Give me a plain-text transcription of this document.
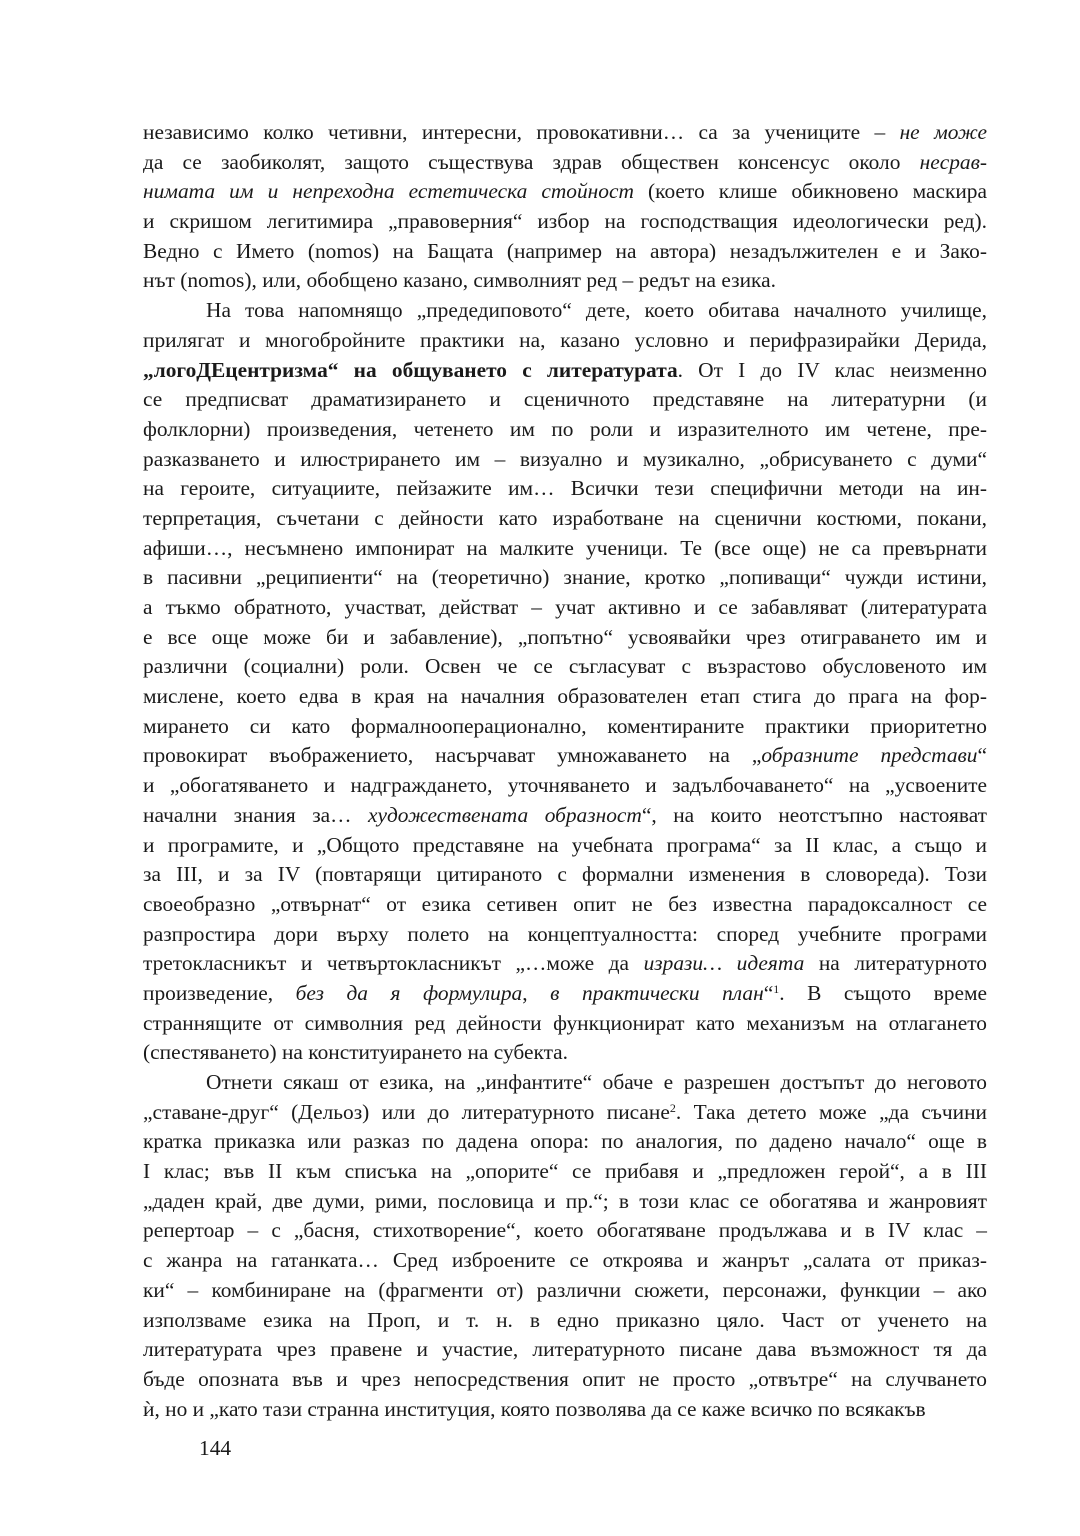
независимо колко четивни, интересни, провокативни… са за учениците – не може
да се заобиколят, защото съществува здрав обществен консенсус около неcрав-
нимата им и непреходна естетическа стойност (което клише обикновено маскира
и скришом легитимира „правоверния“ избор на господстващия идеологически ред).
Ведно с Името (nomos) на Бащата (например на автора) незадължителен е и Зако-
нът (nomos), или, обобщено казано, символният ред – редът на езика.
На това напомнящо „предедиповото“ дете, което обитава началното училище,
прилягат и многобройните практики на, казано условно и перифразирайки Дерида,
„логоДЕцентризма“ на общуването с литературата. От I до IV клас неизменно
се предписват драматизирането и сценичното представяне на литературни (и
фолклорни) произведения, четенето им по роли и изразителното им четене, пре-
разказването и илюстрирането им – визуално и музикално, „обрисуването с думи“
на героите, ситуациите, пейзажите им… Всички тези специфични методи на ин-
терпретация, съчетани с дейности като изработване на сценични костюми, покани,
афиши…, несъмнено импонират на малките ученици. Те (все още) не са превърнати
в пасивни „реципиенти“ на (теоретично) знание, кротко „попиващи“ чужди истини,
а тъкмо обратното, участват, действат – учат активно и се забавляват (литературата
е все още може би и забавление), „попътно“ усвоявайки чрез отиграването им и
различни (социални) роли. Освен че се съгласуват с възрастово обусловеното им
мислене, което едва в края на началния образователен етап стига до прага на фор-
мирането си като формалнооперационално, коментираните практики приоритетно
провокират въображението, насърчават умножаването на „образните представи“
и „обогатяването и надграждането, уточняването и задълбочаването“ на „усвоените
начални знания за… художествената образност“, на които неотстъпно настояват
и програмите, и „Общото представяне на учебната програма“ за II клас, а също и
за III, и за IV (повтарящи цитираното с формални изменения в словореда). Този
своеобразно „отвърнат“ от езика сетивен опит не без известна парадоксалност се
разпростира дори върху полето на концептуалността: според учебните програми
третокласникът и четвъртокласникът „…може да изрази… идеята на литературното
произведение, без да я формулира, в практически план“$^1$. В същото време
страннящите от символния ред дейности функционират като механизъм на отлагането
(спестяването) на конституирането на субекта.
Отнети сякаш от езика, на „инфантите“ обаче е разрешен достъпът до неговото
„ставане-друг“ (Дельоз) или до литературното писане$^2$. Така детето може „да съчини
кратка приказка или разказ по дадена опора: по аналогия, по дадено начало“ още в
I клас; във II към списъка на „опорите“ се прибавя и „предложен герой“, а в III
„даден край, две думи, рими, пословица и пр.“; в този клас се обогатява и жанровият
репертоар – с „басня, стихотворение“, което обогатяване продължава и в IV клас –
с жанра на гатанката… Сред изброените се откроява и жанрът „салата от приказ-
ки“ – комбиниране на (фрагменти от) различни сюжети, персонажи, функции – ако
използваме езика на Проп, и т. н. в едно приказно цяло. Част от ученето на
литературата чрез правене и участие, литературното писане дава възможност тя да
бъде опозната във и чрез непосредствения опит не просто „отвътре“ на случването
ѝ, но и „като тази странна институция, която позволява да се каже всичко по всякакъв
144
